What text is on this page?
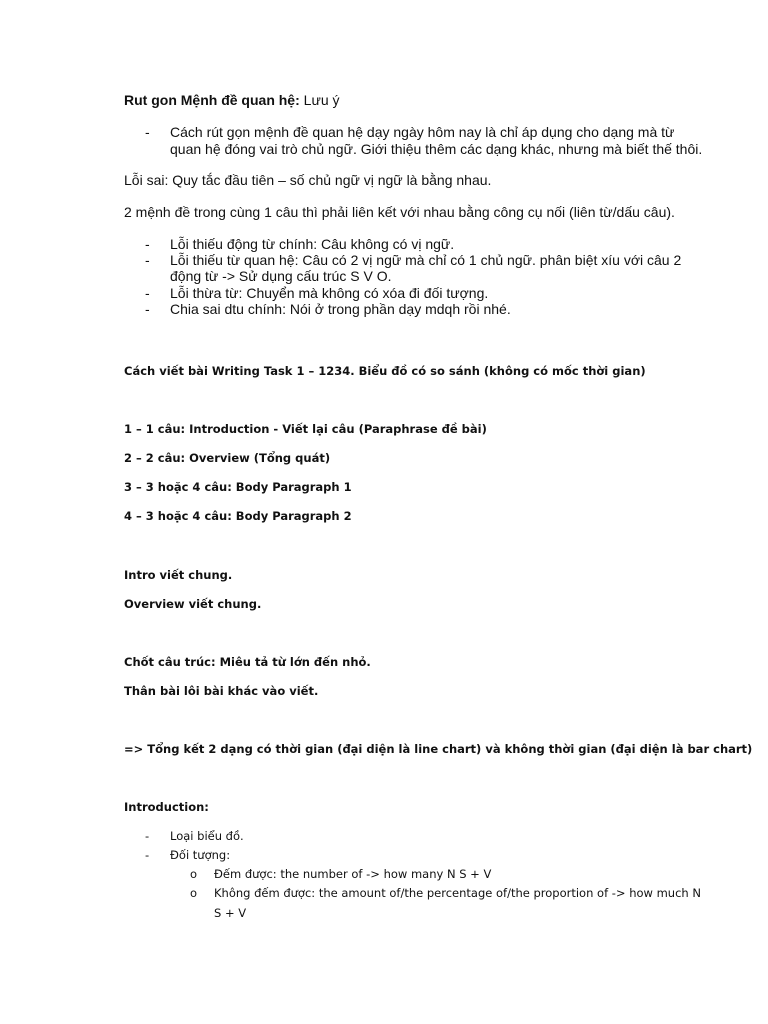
Rut gon Mệnh đề quan hệ: Lưu ý
- Cách rút gọn mệnh đề quan hệ dạy ngày hôm nay là chỉ áp dụng cho dạng mà từ
quan hệ đóng vai trò chủ ngữ. Giới thiệu thêm các dạng khác, nhưng mà biết thế thôi.
Lỗi sai: Quy tắc đầu tiên – số chủ ngữ vị ngữ là bằng nhau.
2 mệnh đề trong cùng 1 câu thì phải liên kết với nhau bằng công cụ nối (liên từ/dấu câu).
- Lỗi thiếu động từ chính: Câu không có vị ngữ.
- Lỗi thiếu từ quan hệ: Câu có 2 vị ngữ mà chỉ có 1 chủ ngữ. phân biệt xíu với câu 2
động từ -> Sử dụng cấu trúc S V O.
- Lỗi thừa từ: Chuyển mà không có xóa đi đối tượng.
- Chia sai dtu chính: Nói ở trong phần dạy mdqh rồi nhé.
Cách viết bài Writing Task 1 – 1234. Biểu đồ có so sánh (không có mốc thời gian)
1 – 1 câu: Introduction - Viết lại câu (Paraphrase đề bài)
2 – 2 câu: Overview (Tổng quát)
3 – 3 hoặc 4 câu: Body Paragraph 1
4 – 3 hoặc 4 câu: Body Paragraph 2
Intro viết chung.
Overview viết chung.
Chốt câu trúc: Miêu tả từ lớn đến nhỏ.
Thân bài lôi bài khác vào viết.
=> Tổng kết 2 dạng có thời gian (đại diện là line chart) và không thời gian (đại diện là bar chart)
Introduction:
- Loại biểu đồ.
- Đối tượng:
o Đếm được: the number of -> how many N S + V
o Không đếm được: the amount of/the percentage of/the proportion of -> how much N
S + V
